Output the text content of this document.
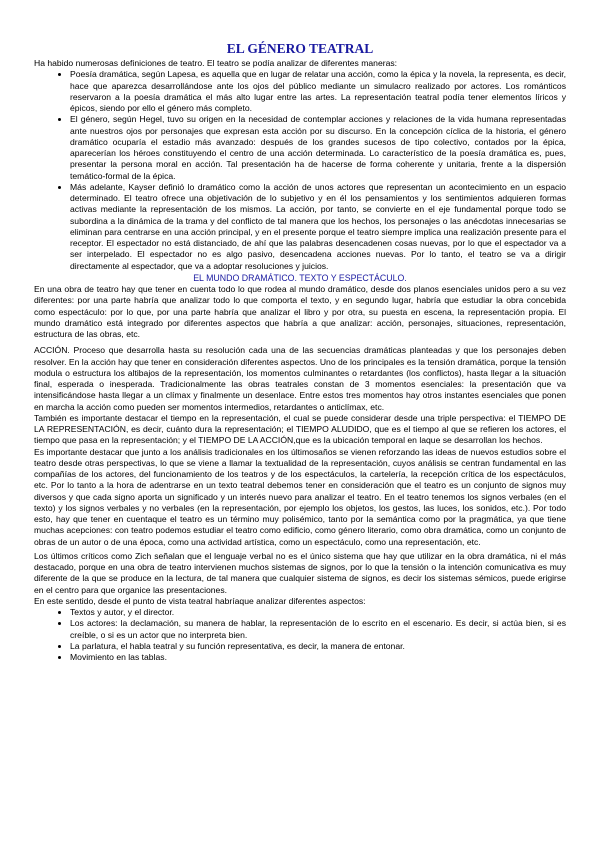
EL GÉNERO TEATRAL

Ha habido numerosas definiciones de teatro. El teatro se podía analizar de diferentes maneras:

• Poesía dramática, según Lapesa, es aquella que en lugar de relatar una acción, como la épica y la novela, la representa, es decir, hace que aparezca desarrollándose ante los ojos del público mediante un simulacro realizado por actores. Los románticos reservaron a la poesía dramática el más alto lugar entre las artes. La representación teatral podía tener elementos líricos y épicos, siendo por ello el género más completo.
• El género, según Hegel, tuvo su origen en la necesidad de contemplar acciones y relaciones de la vida humana representadas ante nuestros ojos por personajes que expresan esta acción por su discurso. En la concepción cíclica de la historia, el género dramático ocuparía el estadio más avanzado: después de los grandes sucesos de tipo colectivo, contados por la épica, aparecerían los héroes constituyendo el centro de una acción determinada. Lo característico de la poesía dramática es, pues, presentar la persona moral en acción. Tal presentación ha de hacerse de forma coherente y unitaria, frente a la dispersión temático-formal de la épica.
• Más adelante, Kayser definió lo dramático como la acción de unos actores que representan un acontecimiento en un espacio determinado. El teatro ofrece una objetivación de lo subjetivo y en él los pensamientos y los sentimientos adquieren formas activas mediante la representación de los mismos. La acción, por tanto, se convierte en el eje fundamental porque todo se subordina a la dinámica de la trama y del conflicto de tal manera que los hechos, los personajes o las anécdotas innecesarias se eliminan para centrarse en una acción principal, y en el presente porque el teatro siempre implica una realización presente para el receptor. El espectador no está distanciado, de ahí que las palabras desencadenen cosas nuevas, por lo que el espectador va a ser interpelado. El espectador no es algo pasivo, desencadena acciones nuevas. Por lo tanto, el teatro se va a dirigir directamente al espectador, que va a adoptar resoluciones y juicios.

EL MUNDO DRAMÁTICO. TEXTO Y ESPECTÁCULO.

En una obra de teatro hay que tener en cuenta todo lo que rodea al mundo dramático, desde dos planos esenciales unidos pero a su vez diferentes: por una parte habría que analizar todo lo que comporta el texto, y en segundo lugar, habría que estudiar la obra concebida como espectáculo: por lo que, por una parte habría que analizar el libro y por otra, su puesta en escena, la representación propia. El mundo dramático está integrado por diferentes aspectos que habría a que analizar: acción, personajes, situaciones, representación, estructura de las obras, etc.

ACCIÓN. Proceso que desarrolla hasta su resolución cada una de las secuencias dramáticas planteadas y que los personajes deben resolver. En la acción hay que tener en consideración diferentes aspectos. Uno de los principales es la tensión dramática, porque la tensión modula o estructura los altibajos de la representación, los momentos culminantes o retardantes (los conflictos), hasta llegar a la situación final, esperada o inesperada. Tradicionalmente las obras teatrales constan de 3 momentos esenciales: la presentación que va intensificándose hasta llegar a un clímax y finalmente un desenlace. Entre estos tres momentos hay otros instantes esenciales que ponen en marcha la acción como pueden ser momentos intermedios, retardantes o anticlímax, etc.

También es importante destacar el tiempo en la representación, el cual se puede considerar desde una triple perspectiva: el TIEMPO DE LA REPRESENTACIÓN, es decir, cuánto dura la representación; el TIEMPO ALUDIDO, que es el tiempo al que se refieren los actores, el tiempo que pasa en la representación; y el TIEMPO DE LA ACCIÓN,que es la ubicación temporal en laque se desarrollan los hechos.

Es importante destacar que junto a los análisis tradicionales en los últimosaños se vienen reforzando las ideas de nuevos estudios sobre el teatro desde otras perspectivas, lo que se viene a llamar la textualidad de la representación, cuyos análisis se centran fundamental en las compañías de los actores, del funcionamiento de los teatros y de los espectáculos, la cartelería, la recepción crítica de los espectáculos, etc. Por lo tanto a la hora de adentrarse en un texto teatral debemos tener en consideración que el teatro es un conjunto de signos muy diversos y que cada signo aporta un significado y un interés nuevo para analizar el teatro. En el teatro tenemos los signos verbales (en el texto) y los signos verbales y no verbales (en la representación, por ejemplo los objetos, los gestos, las luces, los sonidos, etc.). Por todo esto, hay que tener en cuentaque el teatro es un término muy polisémico, tanto por la semántica como por la pragmática, ya que tiene muchas acepciones: con teatro podemos estudiar el teatro como edificio, como género literario, como obra dramática, como un conjunto de obras de un autor o de una época, como una actividad artística, como un espectáculo, como una representación, etc.

Los últimos críticos como Zich señalan que el lenguaje verbal no es el único sistema que hay que utilizar en la obra dramática, ni el más destacado, porque en una obra de teatro intervienen muchos sistemas de signos, por lo que la tensión o la intención comunicativa es muy diferente de la que se produce en la lectura, de tal manera que cualquier sistema de signos, es decir los sistemas sémicos, puede erigirse en el centro para que organice las presentaciones.

En este sentido, desde el punto de vista teatral habríaque analizar diferentes aspectos:

• Textos y autor, y el director.
• Los actores: la declamación, su manera de hablar, la representación de lo escrito en el escenario. Es decir, si actúa bien, si es creíble, o si es un actor que no interpreta bien.
• La parlatura, el habla teatral y su función representativa, es decir, la manera de entonar.
• Movimiento en las tablas.
